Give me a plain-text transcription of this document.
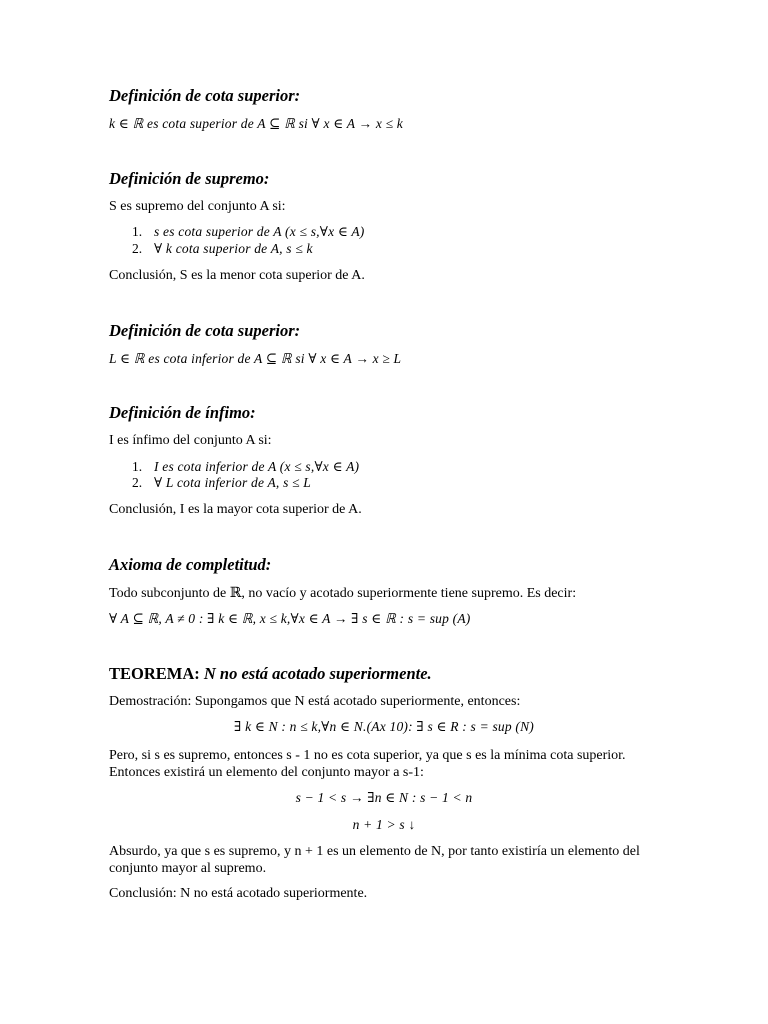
Definición de cota superior:
k ∈ ℝ es cota superior de A ⊆ ℝ si ∀ x ∈ A → x ≤ k
Definición de supremo:
S es supremo del conjunto A si:
1. s es cota superior de A (x ≤ s,∀x ∈ A)
2. ∀ k cota superior de A, s ≤ k
Conclusión, S es la menor cota superior de A.
Definición de cota superior:
L ∈ ℝ es cota inferior de A ⊆ ℝ si ∀ x ∈ A → x ≥ L
Definición de ínfimo:
I es ínfimo del conjunto A si:
1. I es cota inferior de A (x ≤ s,∀x ∈ A)
2. ∀ L cota inferior de A, s ≤ L
Conclusión, I es la mayor cota superior de A.
Axioma de completitud:
Todo subconjunto de ℝ, no vacío y acotado superiormente tiene supremo. Es decir:
∀ A ⊆ ℝ, A ≠ 0 : ∃ k ∈ ℝ, x ≤ k,∀x ∈ A → ∃ s ∈ ℝ : s = sup (A)
TEOREMA: N no está acotado superiormente.
Demostración: Supongamos que N está acotado superiormente, entonces:
∃ k ∈ N : n ≤ k,∀n ∈ N.(Ax 10): ∃ s ∈ R : s = sup (N)
Pero, si s es supremo, entonces s - 1 no es cota superior, ya que s es la mínima cota superior. Entonces existirá un elemento del conjunto mayor a s-1:
s − 1 < s → ∃n ∈ N : s − 1 < n
n + 1 > s ↓
Absurdo, ya que s es supremo, y n + 1 es un elemento de N, por tanto existiría un elemento del conjunto mayor al supremo.
Conclusión: N no está acotado superiormente.
